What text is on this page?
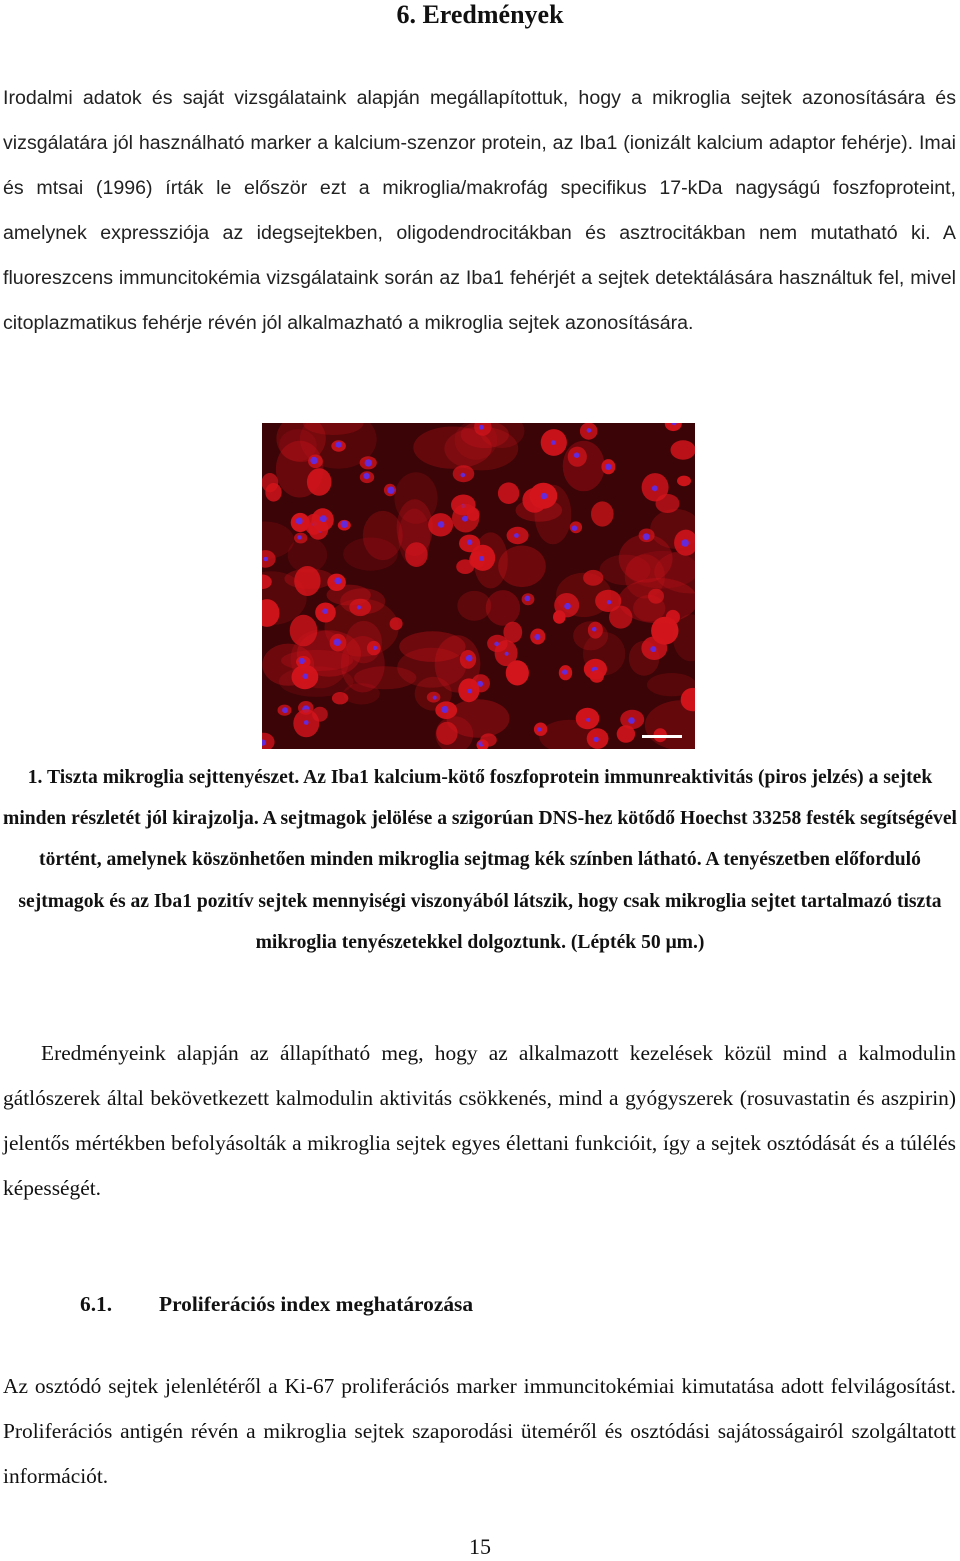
6. Eredmények

Irodalmi adatok és saját vizsgálataink alapján megállapítottuk, hogy a mikroglia sejtek azonosítására és vizsgálatára jól használható marker a kalcium-szenzor protein, az Iba1 (ionizált kalcium adaptor fehérje). Imai és mtsai (1996) írták le először ezt a mikroglia/makrofág specifikus 17-kDa nagyságú foszfoproteint, amelynek expressziója az idegsejtekben, oligodendrocitákban és asztrocitákban nem mutatható ki. A fluoreszcens immuncitokémia vizsgálataink során az Iba1 fehérjét a sejtek detektálására használtuk fel, mivel citoplazmatikus fehérje révén jól alkalmazható a mikroglia sejtek azonosítására.

1. Tiszta mikroglia sejttenyészet. Az Iba1 kalcium-kötő foszfoprotein immunreaktivitás (piros jelzés) a sejtek minden részletét jól kirajzolja. A sejtmagok jelölése a szigorúan DNS-hez kötődő Hoechst 33258 festék segítségével történt, amelynek köszönhetően minden mikroglia sejtmag kék színben látható. A tenyészetben előforduló sejtmagok és az Iba1 pozitív sejtek mennyiségi viszonyából látszik, hogy csak mikroglia sejtet tartalmazó tiszta mikroglia tenyészetekkel dolgoztunk. (Lépték 50 μm.)

Eredményeink alapján az állapítható meg, hogy az alkalmazott kezelések közül mind a kalmodulin gátlószerek által bekövetkezett kalmodulin aktivitás csökkenés, mind a gyógyszerek (rosuvastatin és aszpirin) jelentős mértékben befolyásolták a mikroglia sejtek egyes élettani funkcióit, így a sejtek osztódását és a túlélés képességét.

6.1. Proliferációs index meghatározása

Az osztódó sejtek jelenlétéről a Ki-67 proliferációs marker immuncitokémiai kimutatása adott felvilágosítást. Proliferációs antigén révén a mikroglia sejtek szaporodási üteméről és osztódási sajátosságairól szolgáltatott információt.

15
